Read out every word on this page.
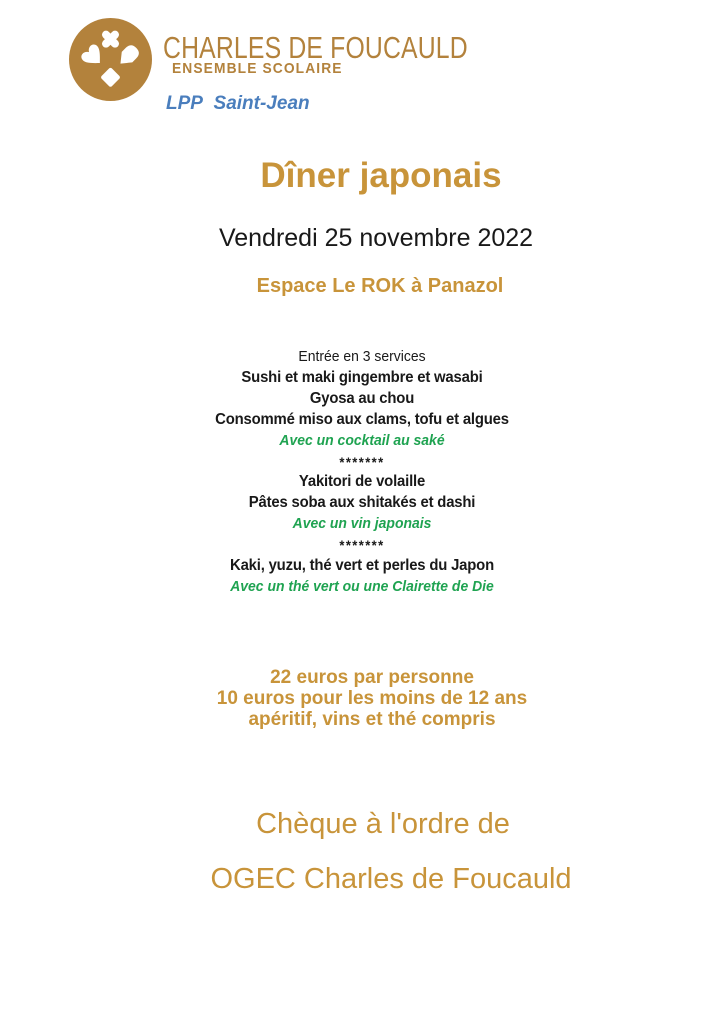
CHARLES DE FOUCAULD
ENSEMBLE SCOLAIRE
LPP Saint-Jean
Dîner japonais
Vendredi 25 novembre 2022
Espace Le ROK à Panazol
Entrée en 3 services
Sushi et maki gingembre et wasabi
Gyosa au chou
Consommé miso aux clams, tofu et algues
Avec un cocktail au saké
*******
Yakitori de volaille
Pâtes soba aux shitakés et dashi
Avec un vin japonais
*******
Kaki, yuzu, thé vert et perles du Japon
Avec un thé vert ou une Clairette de Die
22 euros par personne
10 euros pour les moins de 12 ans
apéritif, vins et thé compris
Chèque à l'ordre de
OGEC Charles de Foucauld
